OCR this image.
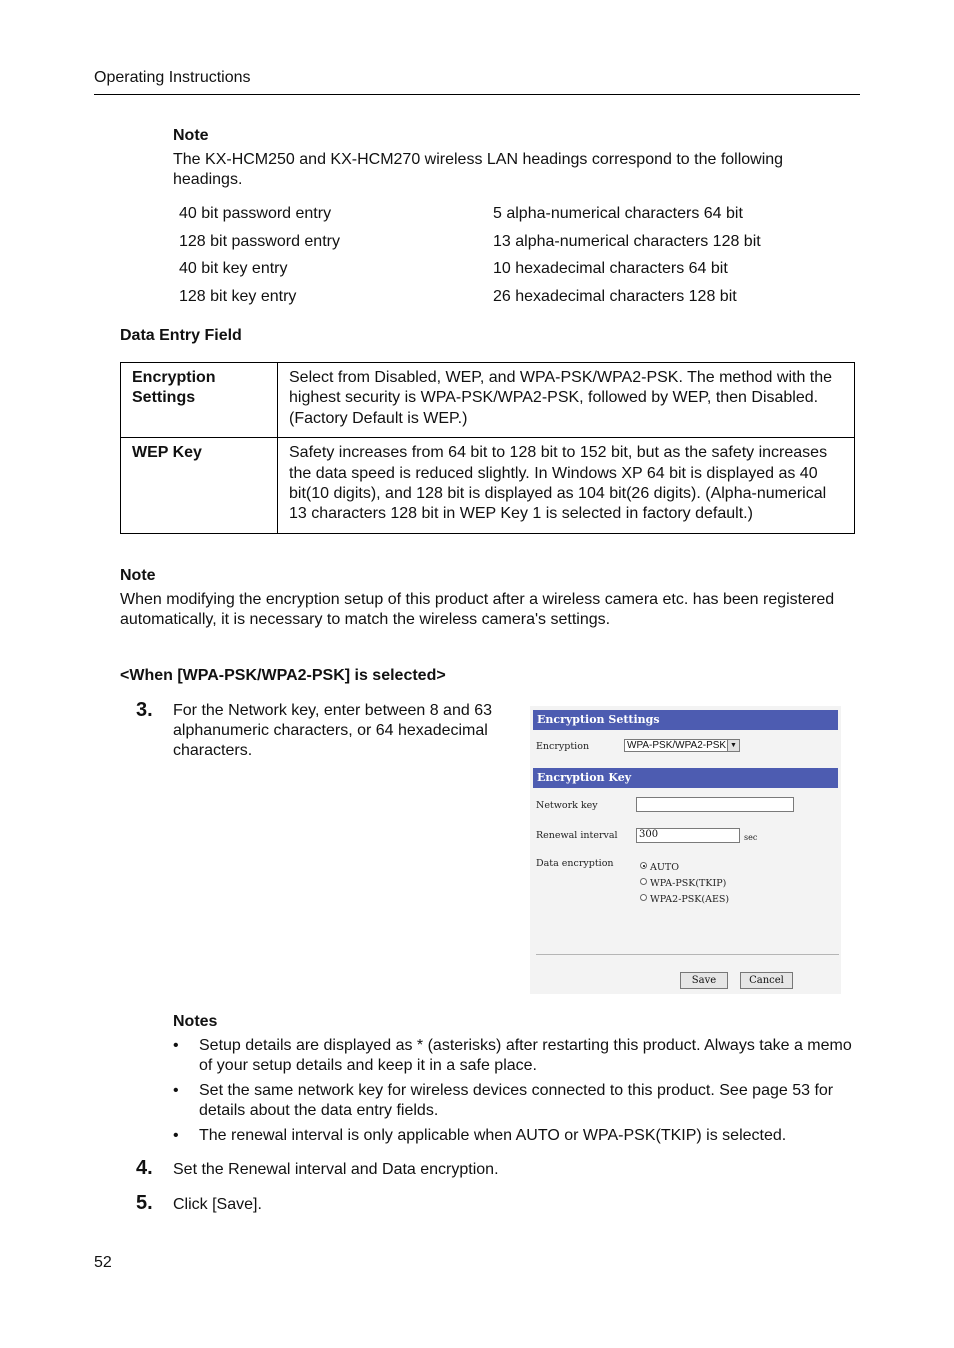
Operating Instructions
Note
The KX-HCM250 and KX-HCM270 wireless LAN headings correspond to the following headings.
40 bit password entry	5 alpha-numerical characters 64 bit
128 bit password entry	13 alpha-numerical characters 128 bit
40 bit key entry	10 hexadecimal characters 64 bit
128 bit key entry	26 hexadecimal characters 128 bit
Data Entry Field
Encryption Settings	Select from Disabled, WEP, and WPA-PSK/WPA2-PSK. The method with the highest security is WPA-PSK/WPA2-PSK, followed by WEP, then Disabled. (Factory Default is WEP.)
WEP Key	Safety increases from 64 bit to 128 bit to 152 bit, but as the safety increases the data speed is reduced slightly. In Windows XP 64 bit is displayed as 40 bit(10 digits), and 128 bit is displayed as 104 bit(26 digits). (Alpha-numerical 13 characters 128 bit in WEP Key 1 is selected in factory default.)
Note
When modifying the encryption setup of this product after a wireless camera etc. has been registered automatically, it is necessary to match the wireless camera's settings.
<When [WPA-PSK/WPA2-PSK] is selected>
3. For the Network key, enter between 8 and 63 alphanumeric characters, or 64 hexadecimal characters.
Encryption Settings
Encryption	WPA-PSK/WPA2-PSK ▼
Encryption Key
Network key
Renewal interval	300	sec
Data encryption	AUTO
WPA-PSK(TKIP)
WPA2-PSK(AES)
Save	Cancel
Notes
• Setup details are displayed as * (asterisks) after restarting this product. Always take a memo of your setup details and keep it in a safe place.
• Set the same network key for wireless devices connected to this product. See page 53 for details about the data entry fields.
• The renewal interval is only applicable when AUTO or WPA-PSK(TKIP) is selected.
4. Set the Renewal interval and Data encryption.
5. Click [Save].
52
